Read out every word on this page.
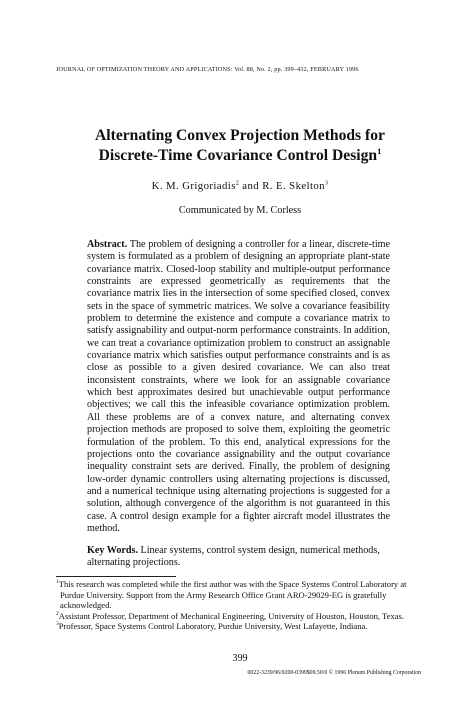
JOURNAL OF OPTIMIZATION THEORY AND APPLICATIONS: Vol. 88, No. 2, pp. 399–432, FEBRUARY 1996
Alternating Convex Projection Methods for
Discrete-Time Covariance Control Design$^1$
K. M. Grigoriadis$^2$ and R. E. Skelton$^3$
Communicated by M. Corless
Abstract. The problem of designing a controller for a linear, discrete-time system is formulated as a problem of designing an appropriate plant-state covariance matrix. Closed-loop stability and multiple-output performance constraints are expressed geometrically as requirements that the covariance matrix lies in the intersection of some specified closed, convex sets in the space of symmetric matrices. We solve a covariance feasibility problem to determine the existence and compute a covariance matrix to satisfy assignability and output-norm performance constraints. In addition, we can treat a covariance optimization problem to construct an assignable covariance matrix which satisfies output performance constraints and is as close as possible to a given desired covariance. We can also treat inconsistent constraints, where we look for an assignable covariance which best approximates desired but unachievable output performance objectives; we call this the infeasible covariance optimization problem. All these problems are of a convex nature, and alternating convex projection methods are proposed to solve them, exploiting the geometric formulation of the problem. To this end, analytical expressions for the projections onto the covariance assignability and the output covariance inequality constraint sets are derived. Finally, the problem of designing low-order dynamic controllers using alternating projections is discussed, and a numerical technique using alternating projections is suggested for a solution, although convergence of the algorithm is not guaranteed in this case. A control design example for a fighter aircraft model illustrates the method.
Key Words. Linear systems, control system design, numerical methods, alternating projections.
$^1$This research was completed while the first author was with the Space Systems Control Laboratory at Purdue University. Support from the Army Research Office Grant ARO-29029-EG is gratefully acknowledged.
$^2$Assistant Professor, Department of Mechanical Engineering, University of Houston, Houston, Texas.
$^3$Professor, Space Systems Control Laboratory, Purdue University, West Lafayette, Indiana.
399
0022-3239/96/0200-0399$09.50/0 © 1996 Plenum Publishing Corporation
